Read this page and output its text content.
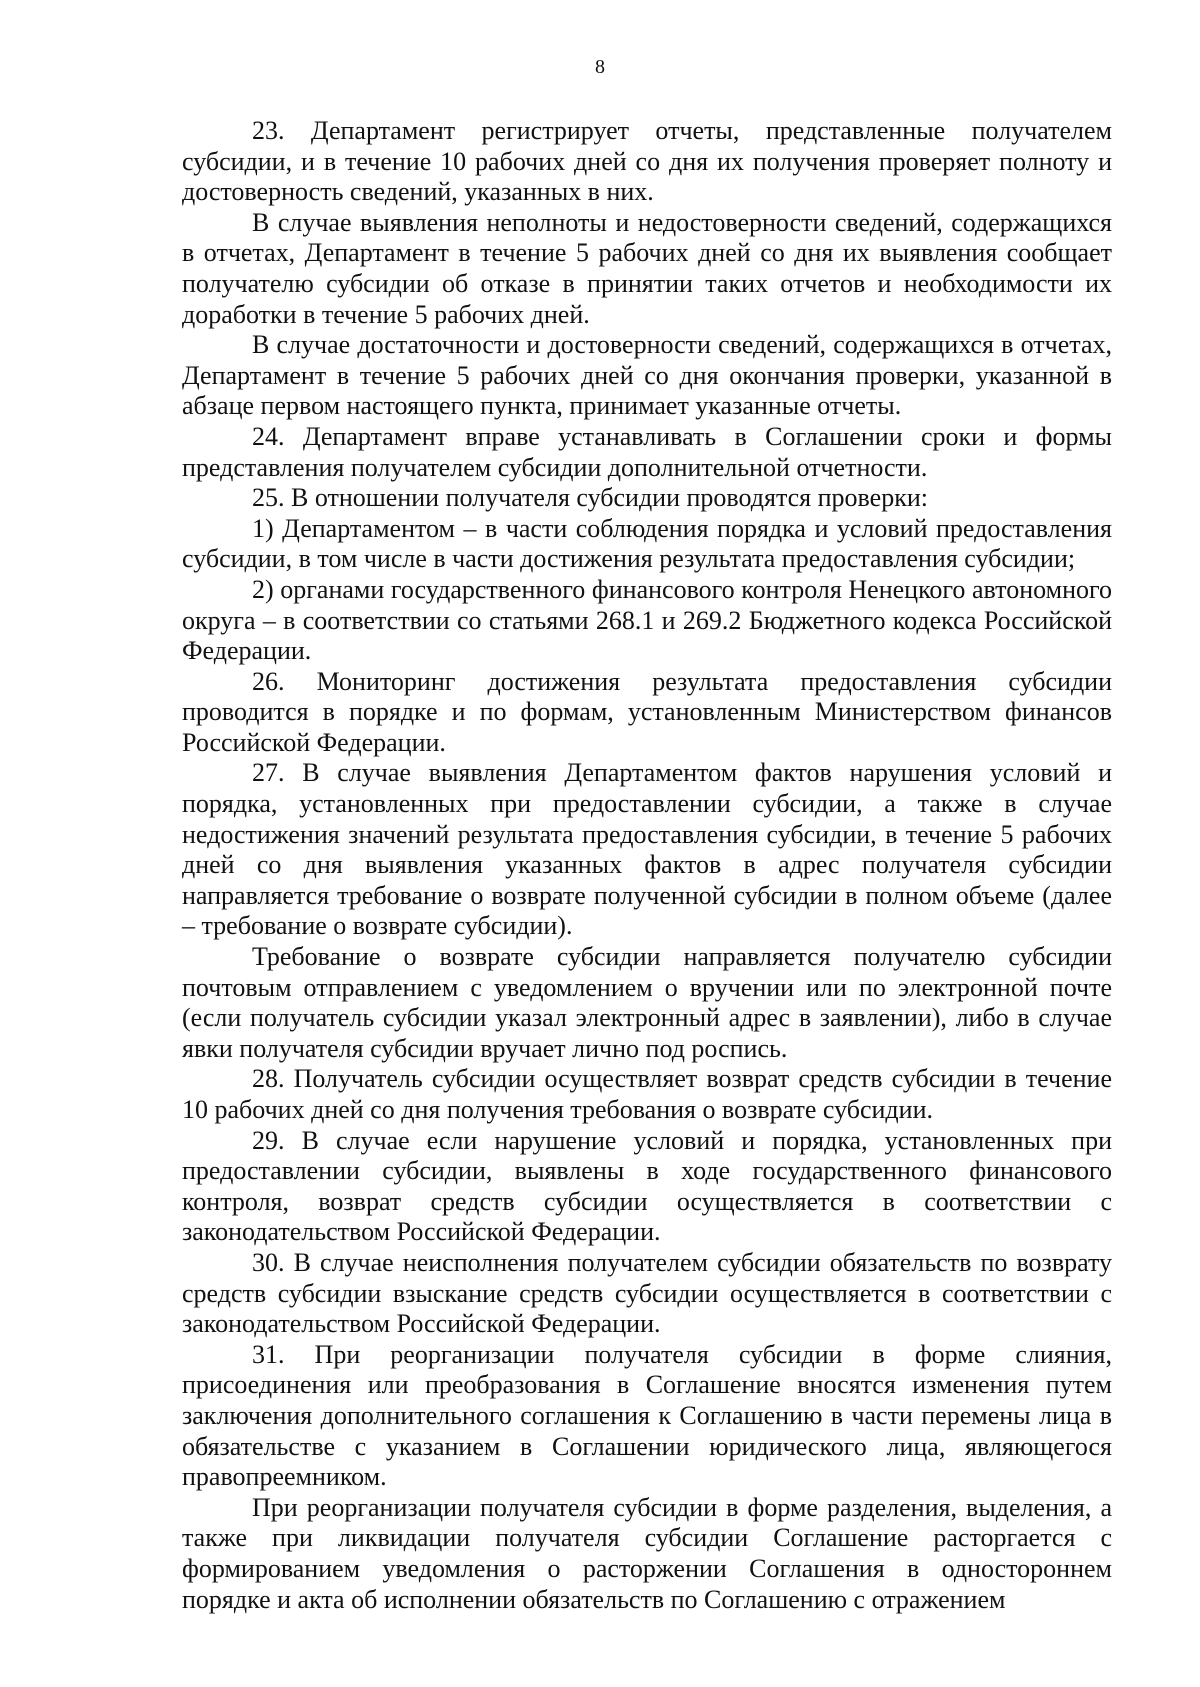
8

23. Департамент регистрирует отчеты, представленные получателем субсидии, и в течение 10 рабочих дней со дня их получения проверяет полноту и достоверность сведений, указанных в них.

В случае выявления неполноты и недостоверности сведений, содержащихся в отчетах, Департамент в течение 5 рабочих дней со дня их выявления сообщает получателю субсидии об отказе в принятии таких отчетов и необходимости их доработки в течение 5 рабочих дней.

В случае достаточности и достоверности сведений, содержащихся в отчетах, Департамент в течение 5 рабочих дней со дня окончания проверки, указанной в абзаце первом настоящего пункта, принимает указанные отчеты.

24. Департамент вправе устанавливать в Соглашении сроки и формы представления получателем субсидии дополнительной отчетности.

25. В отношении получателя субсидии проводятся проверки:

1) Департаментом – в части соблюдения порядка и условий предоставления субсидии, в том числе в части достижения результата предоставления субсидии;

2) органами государственного финансового контроля Ненецкого автономного округа – в соответствии со статьями 268.1 и 269.2 Бюджетного кодекса Российской Федерации.

26. Мониторинг достижения результата предоставления субсидии проводится в порядке и по формам, установленным Министерством финансов Российской Федерации.

27. В случае выявления Департаментом фактов нарушения условий и порядка, установленных при предоставлении субсидии, а также в случае недостижения значений результата предоставления субсидии, в течение 5 рабочих дней со дня выявления указанных фактов в адрес получателя субсидии направляется требование о возврате полученной субсидии в полном объеме (далее – требование о возврате субсидии).

Требование о возврате субсидии направляется получателю субсидии почтовым отправлением с уведомлением о вручении или по электронной почте (если получатель субсидии указал электронный адрес в заявлении), либо в случае явки получателя субсидии вручает лично под роспись.

28. Получатель субсидии осуществляет возврат средств субсидии в течение 10 рабочих дней со дня получения требования о возврате субсидии.

29. В случае если нарушение условий и порядка, установленных при предоставлении субсидии, выявлены в ходе государственного финансового контроля, возврат средств субсидии осуществляется в соответствии с законодательством Российской Федерации.

30. В случае неисполнения получателем субсидии обязательств по возврату средств субсидии взыскание средств субсидии осуществляется в соответствии с законодательством Российской Федерации.

31. При реорганизации получателя субсидии в форме слияния, присоединения или преобразования в Соглашение вносятся изменения путем заключения дополнительного соглашения к Соглашению в части перемены лица в обязательстве с указанием в Соглашении юридического лица, являющегося правопреемником.

При реорганизации получателя субсидии в форме разделения, выделения, а также при ликвидации получателя субсидии Соглашение расторгается с формированием уведомления о расторжении Соглашения в одностороннем порядке и акта об исполнении обязательств по Соглашению с отражением
